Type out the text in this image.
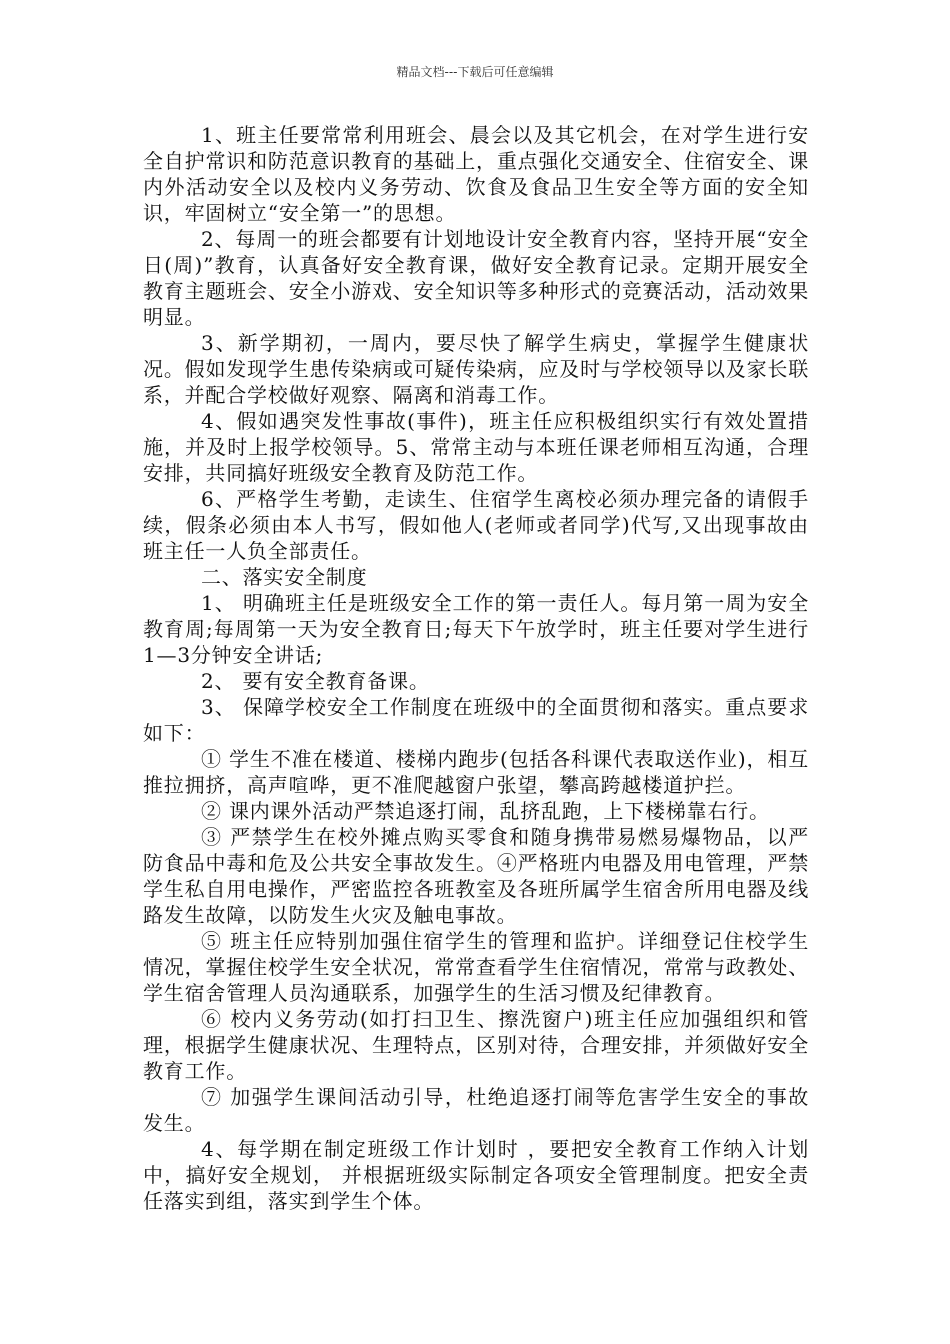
精品文档---下载后可任意编辑

1、班主任要常常利用班会、晨会以及其它机会，在对学生进行安全自护常识和防范意识教育的基础上，重点强化交通安全、住宿安全、课内外活动安全以及校内义务劳动、饮食及食品卫生安全等方面的安全知识，牢固树立“安全第一”的思想。

2、每周一的班会都要有计划地设计安全教育内容，坚持开展“安全日(周)”教育，认真备好安全教育课，做好安全教育记录。定期开展安全教育主题班会、安全小游戏、安全知识等多种形式的竞赛活动，活动效果明显。

3、新学期初，一周内，要尽快了解学生病史，掌握学生健康状况。假如发现学生患传染病或可疑传染病，应及时与学校领导以及家长联系，并配合学校做好观察、隔离和消毒工作。

4、假如遇突发性事故(事件)，班主任应积极组织实行有效处置措施，并及时上报学校领导。5、常常主动与本班任课老师相互沟通，合理安排，共同搞好班级安全教育及防范工作。

6、严格学生考勤，走读生、住宿学生离校必须办理完备的请假手续，假条必须由本人书写，假如他人(老师或者同学)代写,又出现事故由班主任一人负全部责任。

二、落实安全制度

1、 明确班主任是班级安全工作的第一责任人。每月第一周为安全教育周;每周第一天为安全教育日;每天下午放学时，班主任要对学生进行1—3分钟安全讲话;

2、 要有安全教育备课。

3、 保障学校安全工作制度在班级中的全面贯彻和落实。重点要求如下：

① 学生不准在楼道、楼梯内跑步(包括各科课代表取送作业)，相互推拉拥挤，高声喧哗，更不准爬越窗户张望，攀高跨越楼道护拦。

② 课内课外活动严禁追逐打闹，乱挤乱跑，上下楼梯靠右行。

③ 严禁学生在校外摊点购买零食和随身携带易燃易爆物品，以严防食品中毒和危及公共安全事故发生。④严格班内电器及用电管理，严禁学生私自用电操作，严密监控各班教室及各班所属学生宿舍所用电器及线路发生故障，以防发生火灾及触电事故。

⑤ 班主任应特别加强住宿学生的管理和监护。详细登记住校学生情况，掌握住校学生安全状况，常常查看学生住宿情况，常常与政教处、学生宿舍管理人员沟通联系，加强学生的生活习惯及纪律教育。

⑥ 校内义务劳动(如打扫卫生、擦洗窗户)班主任应加强组织和管理，根据学生健康状况、生理特点，区别对待，合理安排，并须做好安全教育工作。

⑦ 加强学生课间活动引导，杜绝追逐打闹等危害学生安全的事故发生。

4、每学期在制定班级工作计划时 ，要把安全教育工作纳入计划中，搞好安全规划， 并根据班级实际制定各项安全管理制度。把安全责任落实到组，落实到学生个体。
